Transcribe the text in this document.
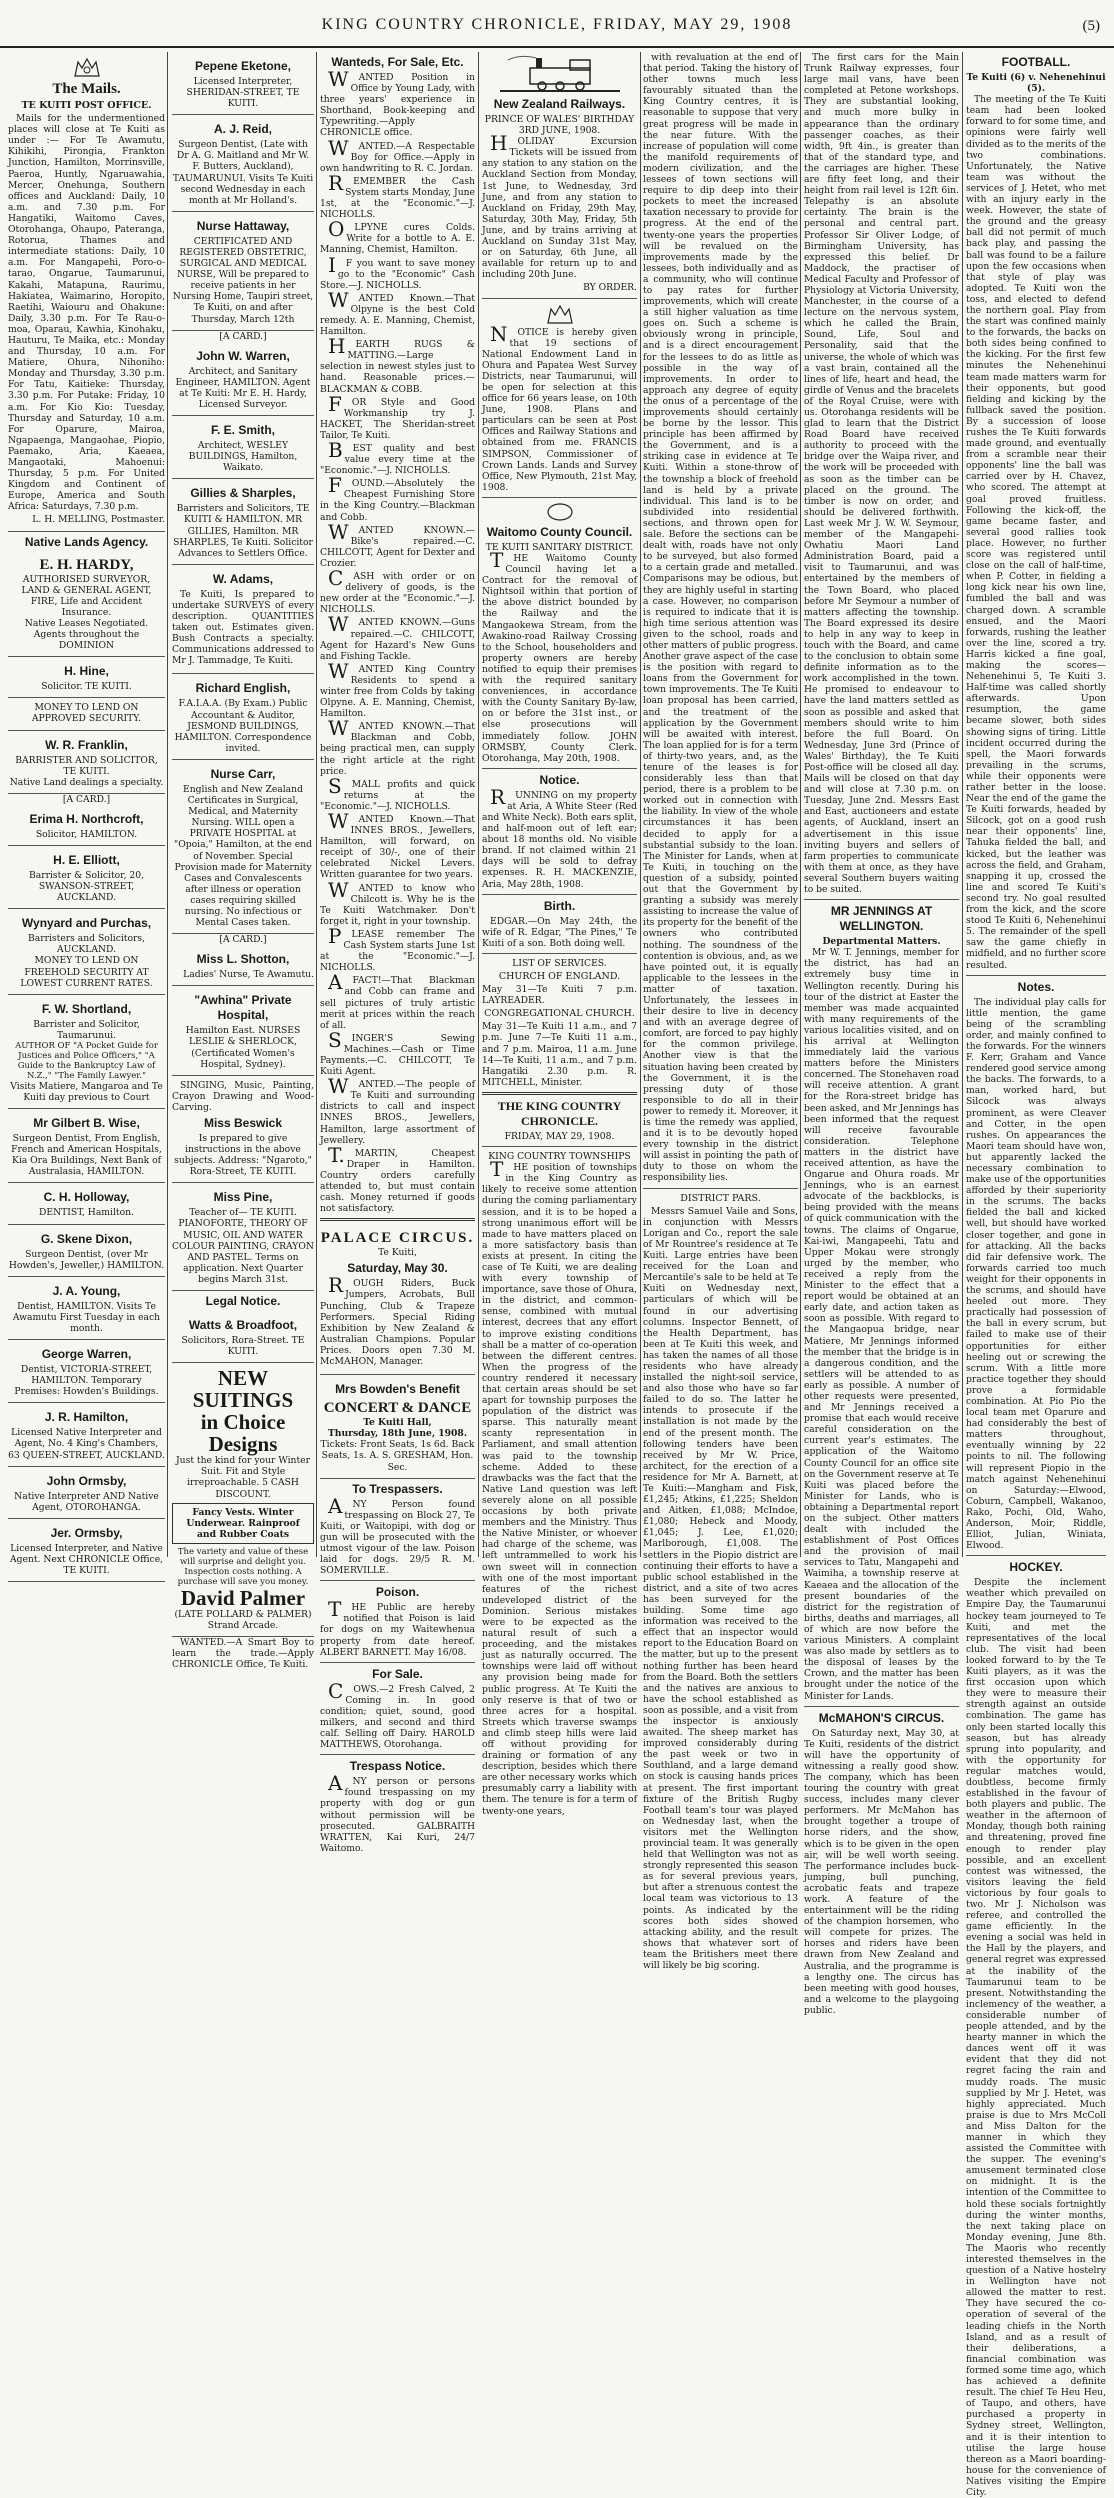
KING COUNTRY CHRONICLE, FRIDAY, MAY 29, 1908	(5)
The Mails.
TE KUITI POST OFFICE.

Mails for the undermentioned places will close at Te Kuiti as under :— For Te Awamutu, Kihikihi, Pirongia, Frankton Junction, Hamilton, Morrinsville, Paeroa, Huntly, Ngaruawahia, Mercer, Onehunga, Southern offices and Auckland: Daily, 10 a.m. and 7.30 p.m. For Hangatiki, Waitomo Caves, Otorohanga, Ohaupo, Pateranga, Rotorua, Thames and intermediate stations: Daily, 10 a.m. For Mangapehi, Poro-o-tarao, Ongarue, Taumarunui, Kakahi, Matapuna, Raurimu, Hakiatea, Waimarino, Horopito, Raetihi, Waiouru and Ohakune: Daily, 3.30 p.m. For Te Rau-o-moa, Oparau, Kawhia, Kinohaku, Hauturu, Te Maika, etc.: Monday and Thursday, 10 a.m. For Matiere, Ohura, Nihoniho: Monday and Thursday, 3.30 p.m. For Tatu, Kaitieke: Thursday, 3.30 p.m. For Putake: Friday, 10 a.m. For Kio Kio: Tuesday, Thursday and Saturday, 10 a.m. For Oparure, Mairoa, Ngapaenga, Mangaohae, Piopio, Paemako, Aria, Kaeaea, Mangaotaki, Mahoenui: Thursday, 5 p.m. For United Kingdom and Continent of Europe, America and South Africa: Saturdays, 7.30 p.m.

L. H. MELLING, Postmaster.
Native Lands Agency.
E. H. HARDY,
AUTHORISED SURVEYOR, LAND & GENERAL AGENT, FIRE, Life and Accident Insurance.
Native Leases Negotiated. Agents throughout the DOMINION
H. Hine,
Solicitor. TE KUITI.
MONEY TO LEND ON APPROVED SECURITY.
W. R. Franklin,
BARRISTER AND SOLICITOR, TE KUITI.
Native Land dealings a specialty.
[A CARD.]
Erima H. Northcroft,
Solicitor, HAMILTON.
H. E. Elliott,
Barrister & Solicitor, 20, SWANSON-STREET, AUCKLAND.
Wynyard and Purchas,
Barristers and Solicitors, AUCKLAND.
MONEY TO LEND ON FREEHOLD SECURITY AT LOWEST CURRENT RATES.
F. W. Shortland,
Barrister and Solicitor, Taumarunui.
AUTHOR OF "A Pocket Guide for Justices and Police Officers," "A Guide to the Bankruptcy Law of N.Z.," "The Family Lawyer."
Visits Matiere, Mangaroa and Te Kuiti day previous to Court
Mr Gilbert B. Wise,
Surgeon Dentist, From English, French and American Hospitals, Kia Ora Buildings, Next Bank of Australasia, HAMILTON.
C. H. Holloway,
DENTIST, Hamilton.
G. Skene Dixon,
Surgeon Dentist, (over Mr Howden's, Jeweller,) HAMILTON.
J. A. Young,
Dentist, HAMILTON. Visits Te Awamutu First Tuesday in each month.
George Warren,
Dentist, VICTORIA-STREET, HAMILTON. Temporary Premises: Howden's Buildings.
J. R. Hamilton,
Licensed Native Interpreter and Agent, No. 4 King's Chambers, 63 QUEEN-STREET, AUCKLAND.
John Ormsby,
Native Interpreter AND Native Agent, OTOROHANGA.
Jer. Ormsby,
Licensed Interpreter, and Native Agent. Next CHRONICLE Office, TE KUITI.
Pepene Eketone,
Licensed Interpreter, SHERIDAN-STREET, TE KUITI.
A. J. Reid,
Surgeon Dentist, (Late with Dr A. G. Maitland and Mr W. F. Butters, Auckland), TAUMARUNUI. Visits Te Kuiti second Wednesday in each month at Mr Holland's.
Nurse Hattaway,
CERTIFICATED AND REGISTERED OBSTETRIC, SURGICAL AND MEDICAL NURSE, Will be prepared to receive patients in her Nursing Home, Taupiri street, Te Kuiti, on and after Thursday, March 12th
[A CARD.]
John W. Warren,
Architect, and Sanitary Engineer, HAMILTON. Agent at Te Kuiti: Mr E. H. Hardy, Licensed Surveyor.
F. E. Smith,
Architect, WESLEY BUILDINGS, Hamilton, Waikato.
Gillies & Sharples,
Barristers and Solicitors, TE KUITI & HAMILTON. MR GILLIES, Hamilton. MR SHARPLES, Te Kuiti. Solicitor Advances to Settlers Office.
W. Adams,

Te Kuiti, Is prepared to undertake SURVEYS of every description. QUANTITIES taken out. Estimates given. Bush Contracts a specialty. Communications addressed to Mr J. Tammadge, Te Kuiti.

Richard English,
F.A.I.A.A. (By Exam.) Public Accountant & Auditor, JESMOND BUILDINGS, HAMILTON. Correspondence invited.
Nurse Carr,
English and New Zealand Certificates in Surgical, Medical, and Maternity Nursing. WILL open a PRIVATE HOSPITAL at "Opoia," Hamilton, at the end of November. Special Provision made for Maternity Cases and Convalescents after illness or operation cases requiring skilled nursing. No infectious or Mental Cases taken.
[A CARD.]
Miss L. Shotton,
Ladies' Nurse, Te Awamutu.
"Awhina" Private Hospital,
Hamilton East. NURSES LESLIE & SHERLOCK, (Certificated Women's Hospital, Sydney).

SINGING, Music, Painting, Crayon Drawing and Wood-Carving.

Miss Beswick
Is prepared to give instructions in the above subjects. Address: "Ngaroto," Rora-Street, TE KUITI.
Miss Pine,
Teacher of— TE KUITI. PIANOFORTE, THEORY OF MUSIC, OIL AND WATER COLOUR PAINTING, CRAYON AND PASTEL. Terms on application. Next Quarter begins March 31st.
Legal Notice.
Watts & Broadfoot,
Solicitors, Rora-Street. TE KUITI.
NEW SUITINGS
in Choice Designs
Just the kind for your Winter Suit. Fit and Style irreproachable. 5 CASH DISCOUNT.
Fancy Vests. Winter Underwear. Rainproof and Rubber Coats
The variety and value of these will surprise and delight you. Inspection costs nothing. A purchase will save you money.
David Palmer
(LATE POLLARD & PALMER) Strand Arcade.

WANTED.—A Smart Boy to learn the trade.—Apply CHRONICLE Office, Te Kuiti.

Wanteds, For Sale, Etc.

WANTED Position in Office by Young Lady, with three years' experience in Shorthand, Book-keeping and Typewriting.—Apply CHRONICLE office.

WANTED.—A Respectable Boy for Office.—Apply in own handwriting to R. C. Jordan.

REMEMBER the Cash System starts Monday, June 1st, at the "Economic."—J. NICHOLLS.

OLPYNE cures Colds. Write for a bottle to A. E. Manning, Chemist, Hamilton.

IF you want to save money go to the "Economic" Cash Store.—J. NICHOLLS.

WANTED Known.—That Olpyne is the best Cold remedy. A. E. Manning, Chemist, Hamilton.

HEARTH RUGS & MATTING.—Large selection in newest styles just to hand. Reasonable prices.—BLACKMAN & COBB.

FOR Style and Good Workmanship try J. HACKET, The Sheridan-street Tailor, Te Kuiti.

BEST quality and best value every time at the "Economic."—J. NICHOLLS.

FOUND.—Absolutely the Cheapest Furnishing Store in the King Country.—Blackman and Cobb.

WANTED KNOWN.—Bike's repaired.—C. CHILCOTT, Agent for Dexter and Crozier.

CASH with order or on delivery of goods, is the new order at the "Economic."—J. NICHOLLS.

WANTED KNOWN.—Guns repaired.—C. CHILCOTT, Agent for Hazard's New Guns and Fishing Tackle.

WANTED King Country Residents to spend a winter free from Colds by taking Olpyne. A. E. Manning, Chemist, Hamilton.

WANTED KNOWN.—That Blackman and Cobb, being practical men, can supply the right article at the right price.

SMALL profits and quick returns at the "Economic."—J. NICHOLLS.

WANTED Known.—That INNES BROS., Jewellers, Hamilton, will forward, on receipt of 30/-, one of their celebrated Nickel Levers. Written guarantee for two years.

WANTED to know who Chilcott is. Why he is the Te Kuiti Watchmaker. Don't forget it, right in your township.

PLEASE remember The Cash System starts June 1st at the "Economic."—J. NICHOLLS.

AFACT!—That Blackman and Cobb can frame and sell pictures of truly artistic merit at prices within the reach of all.

SINGER'S Sewing Machines.—Cash or Time Payments.—C. CHILCOTT, Te Kuiti Agent.

WANTED.—The people of Te Kuiti and surrounding districts to call and inspect INNES BROS., Jewellers, Hamilton, large assortment of Jewellery.

T.MARTIN, Cheapest Draper in Hamilton. Country orders carefully attended to, but must contain cash. Money returned if goods not satisfactory.

PALACE CIRCUS.
Te Kuiti,
Saturday, May 30.

ROUGH Riders, Buck Jumpers, Acrobats, Bull Punching, Club & Trapeze Performers. Special Riding Exhibition by New Zealand & Australian Champions. Popular Prices. Doors open 7.30 M. McMAHON, Manager.

Mrs Bowden's Benefit
CONCERT & DANCE
Te Kuiti Hall,
Thursday, 18th June, 1908.
Tickets: Front Seats, 1s 6d. Back Seats, 1s. A. S. GRESHAM, Hon. Sec.
To Trespassers.

ANY Person found trespassing on Block 27, Te Kuiti, or Waitopipi, with dog or gun will be prosecuted with the utmost vigour of the law. Poison laid for dogs. 29/5 R. M. SOMERVILLE.

Poison.

THE Public are hereby notified that Poison is laid for dogs on my Waitewhenua property from date hereof. ALBERT BARNETT. May 16/08.

For Sale.

COWS.—2 Fresh Calved, 2 Coming in. In good condition; quiet, sound, good milkers, and second and third calf. Selling off Dairy. HAROLD MATTHEWS, Otorohanga.

Trespass Notice.

ANY person or persons found trespassing on my property with dog or gun without permission will be prosecuted. GALBRAITH WRATTEN, Kai Kuri, 24/7 Waitomo.

New Zealand Railways.
PRINCE OF WALES' BIRTHDAY 3RD JUNE, 1908.

HOLIDAY Excursion Tickets will be issued from any station to any station on the Auckland Section from Monday, 1st June, to Wednesday, 3rd June, and from any station to Auckland on Friday, 29th May, Saturday, 30th May, Friday, 5th June, and by trains arriving at Auckland on Sunday 31st May, or on Saturday, 6th June, all available for return up to and including 20th June.

BY ORDER.

NOTICE is hereby given that 19 sections of National Endowment Land in Ohura and Papatea West Survey Districts, near Taumarunui, will be open for selection at this office for 66 years lease, on 10th June, 1908. Plans and particulars can be seen at Post Offices and Railway Stations and obtained from me. FRANCIS SIMPSON, Commissioner of Crown Lands. Lands and Survey Office, New Plymouth, 21st May, 1908.

Waitomo County Council.
TE KUITI SANITARY DISTRICT.

THE Waitomo County Council having let a Contract for the removal of Nightsoil within that portion of the above district bounded by the Railway and the Mangaokewa Stream, from the Awakino-road Railway Crossing to the School, householders and property owners are hereby notified to equip their premises with the required sanitary conveniences, in accordance with the County Sanitary By-law, on or before the 31st inst., or else prosecutions will immediately follow. JOHN ORMSBY, County Clerk. Otorohanga, May 20th, 1908.

Notice.

RUNNING on my property at Aria, A White Steer (Red and White Neck). Both ears split, and half-moon out of left ear; about 18 months old. No visible brand. If not claimed within 21 days will be sold to defray expenses. R. H. MACKENZIE, Aria, May 28th, 1908.

Birth.

EDGAR.—On May 24th, the wife of R. Edgar, "The Pines," Te Kuiti of a son. Both doing well.

LIST OF SERVICES.
CHURCH OF ENGLAND.
May 31—Te Kuiti 7 p.m. LAYREADER.
CONGREGATIONAL CHURCH.
May 31—Te Kuiti 11 a.m., and 7 p.m. June 7—Te Kuiti 11 a.m., and 7 p.m. Mairoa, 11 a.m. June 14—Te Kuiti, 11 a.m., and 7 p.m. Hangatiki 2.30 p.m. R. MITCHELL, Minister.
THE KING COUNTRY CHRONICLE.
FRIDAY, MAY 29, 1908.
KING COUNTRY TOWNSHIPS

THE position of townships in the King Country as likely to receive some attention during the coming parliamentary session, and it is to be hoped a strong unanimous effort will be made to have matters placed on a more satisfactory basis than exists at present. In citing the case of Te Kuiti, we are dealing with every township of importance, save those of Ohura, in the district, and common-sense, combined with mutual interest, decrees that any effort to improve existing conditions shall be a matter of co-operation between the different centres. When the progress of the country rendered it necessary that certain areas should be set apart for township purposes the population of the district was sparse. This naturally meant scanty representation in Parliament, and small attention was paid to the township scheme. Added to these drawbacks was the fact that the Native Land question was left severely alone on all possible occasions by both private members and the Ministry. Thus the Native Minister, or whoever had charge of the scheme, was left untrammelled to work his own sweet will in connection with one of the most important features of the richest undeveloped district of the Dominion. Serious mistakes were to be expected as the natural result of such a proceeding, and the mistakes just as naturally occurred. The townships were laid off without any provision being made for public progress. At Te Kuiti the only reserve is that of two or three acres for a hospital. Streets which traverse swamps and climb steep hills were laid off without providing for draining or formation of any description, besides which there are other necessary works which presumably carry a liability with them. The tenure is for a term of twenty-one years,

with revaluation at the end of that period. Taking the history of other towns much less favourably situated than the King Country centres, it is reasonable to suppose that very great progress will be made in the near future. With the increase of population will come the manifold requirements of modern civilization, and the lessees of town sections will require to dip deep into their pockets to meet the increased taxation necessary to provide for progress. At the end of the twenty-one years the properties will be revalued on the improvements made by the lessees, both individually and as a community, who will continue to pay rates for further improvements, which will create a still higher valuation as time goes on. Such a scheme is obviously wrong in principle, and is a direct encouragement for the lessees to do as little as possible in the way of improvements. In order to approach any degree of equity the onus of a percentage of the improvements should certainly be borne by the lessor. This principle has been affirmed by the Government, and is a striking case in evidence at Te Kuiti. Within a stone-throw of the township a block of freehold land is held by a private individual. This land is to be subdivided into residential sections, and thrown open for sale. Before the sections can be dealt with, roads have not only to be surveyed, but also formed to a certain grade and metalled. Comparisons may be odious, but they are highly useful in starting a case. However, no comparison is required to indicate that it is high time serious attention was given to the school, roads and other matters of public progress. Another grave aspect of the case is the position with regard to loans from the Government for town improvements. The Te Kuiti loan proposal has been carried, and the treatment of the application by the Government will be awaited with interest. The loan applied for is for a term of thirty-two years, and, as the tenure of the leases is for considerably less than that period, there is a problem to be worked out in connection with the liability. In view of the whole circumstances it has been decided to apply for a substantial subsidy to the loan. The Minister for Lands, when at Te Kuiti, in touching on the question of a subsidy, pointed out that the Government by granting a subsidy was merely assisting to increase the value of its property for the benefit of the owners who contributed nothing. The soundness of the contention is obvious, and, as we have pointed out, it is equally applicable to the lessees in the matter of taxation. Unfortunately, the lessees in their desire to live in decency and with an average degree of comfort, are forced to pay highly for the common privilege. Another view is that the situation having been created by the Government, it is the pressing duty of those responsible to do all in their power to remedy it. Moreover, it is time the remedy was applied, and it is to be devoutly hoped every township in the district will assist in pointing the path of duty to those on whom the responsibility lies.

DISTRICT PARS.

Messrs Samuel Vaile and Sons, in conjunction with Messrs Lorigan and Co., report the sale of Mr Rountree's residence at Te Kuiti. Large entries have been received for the Loan and Mercantile's sale to be held at Te Kuiti on Wednesday next, particulars of which will be found in our advertising columns. Inspector Bennett, of the Health Department, has been at Te Kuiti this week, and has taken the names of all those residents who have already installed the night-soil service, and also those who have so far failed to do so. The latter he intends to prosecute if the installation is not made by the end of the present month. The following tenders have been received by Mr W. Price, architect, for the erection of a residence for Mr A. Barnett, at Te Kuiti:—Mangham and Fisk, £1,245; Atkins, £1,225; Sheldon and Aitken, £1,088; McIndoe, £1,080; Hebeck and Moody, £1,045; J. Lee, £1,020; Marlborough, £1,008. The settlers in the Piopio district are continuing their efforts to have a public school established in the district, and a site of two acres has been surveyed for the building. Some time ago information was received to the effect that an inspector would report to the Education Board on the matter, but up to the present nothing further has been heard from the Board. Both the settlers and the natives are anxious to have the school established as soon as possible, and a visit from the inspector is anxiously awaited. The sheep market has improved considerably during the past week or two in Southland, and a large demand on stock is causing hands prices at present. The first important fixture of the British Rugby Football team's tour was played on Wednesday last, when the visitors met the Wellington provincial team. It was generally held that Wellington was not as strongly represented this season as for several previous years, but after a strenuous contest the local team was victorious to 13 points. As indicated by the scores both sides showed attacking ability, and the result shows that whatever sort of team the Britishers meet there will likely be big scoring.

The first cars for the Main Trunk Railway expresses, four large mail vans, have been completed at Petone workshops. They are substantial looking, and much more bulky in appearance than the ordinary passenger coaches, as their width, 9ft 4in., is greater than that of the standard type, and the carriages are higher. These are fifty feet long, and their height from rail level is 12ft 6in. Telepathy is an absolute certainty. The brain is the personal and central part. Professor Sir Oliver Lodge, of Birmingham University, has expressed this belief. Dr Maddock, the practiser of Medical Faculty and Professor of Physiology at Victoria University, Manchester, in the course of a lecture on the nervous system, which he called the Brain, Sound, Life, Soul and Personality, said that the universe, the whole of which was a vast brain, contained all the lines of life, heart and head, the girdle of Venus and the bracelets of the Royal Cruise, were with us. Otorohanga residents will be glad to learn that the District Road Board have received authority to proceed with the bridge over the Waipa river, and the work will be proceeded with as soon as the timber can be placed on the ground. The timber is now on order, and should be delivered forthwith. Last week Mr J. W. W. Seymour, member of the Mangapehi-Owhatiu Maori Land Administration Board, paid a visit to Taumarunui, and was entertained by the members of the Town Board, who placed before Mr Seymour a number of matters affecting the township. The Board expressed its desire to help in any way to keep in touch with the Board, and came to the conclusion to obtain some definite information as to the work accomplished in the town. He promised to endeavour to have the land matters settled as soon as possible and asked that members should write to him before the full Board. On Wednesday, June 3rd (Prince of Wales' Birthday), the Te Kuiti Post-office will be closed all day. Mails will be closed on that day and will close at 7.30 p.m. on Tuesday, June 2nd. Messrs East and East, auctioneers and estate agents, of Auckland, insert an advertisement in this issue inviting buyers and sellers of farm properties to communicate with them at once, as they have several Southern buyers waiting to be suited.

MR JENNINGS AT WELLINGTON.
Departmental Matters.

Mr W. T. Jennings, member for the district, has had an extremely busy time in Wellington recently. During his tour of the district at Easter the member was made acquainted with many requirements of the various localities visited, and on his arrival at Wellington immediately laid the various matters before the Ministers concerned. The Stonehaven road will receive attention. A grant for the Rora-street bridge has been asked, and Mr Jennings has been informed that the request will receive favourable consideration. Telephone matters in the district have received attention, as have the Ongarue and Ohura roads. Mr Jennings, who is an earnest advocate of the backblocks, is being provided with the means of quick communication with the towns. The claims of Ongarue, Kai-iwi, Mangapeehi, Tatu and Upper Mokau were strongly urged by the member, who received a reply from the Minister to the effect that a report would be obtained at an early date, and action taken as soon as possible. With regard to the Mangaopua bridge, near Matiere, Mr Jennings informed the member that the bridge is in a dangerous condition, and the settlers will be attended to as early as possible. A number of other requests were presented, and Mr Jennings received a promise that each would receive careful consideration on the current year's estimates. The application of the Waitomo County Council for an office site on the Government reserve at Te Kuiti was placed before the Minister for Lands, who is obtaining a Departmental report on the subject. Other matters dealt with included the establishment of Post Offices and the provision of mail services to Tatu, Mangapehi and Waimiha, a township reserve at Kaeaea and the allocation of the present boundaries of the district for the registration of births, deaths and marriages, all of which are now before the various Ministers. A complaint was also made by settlers as to the disposal of leases by the Crown, and the matter has been brought under the notice of the Minister for Lands.

McMAHON'S CIRCUS.

On Saturday next, May 30, at Te Kuiti, residents of the district will have the opportunity of witnessing a really good show. The company, which has been touring the country with great success, includes many clever performers. Mr McMahon has brought together a troupe of horse riders, and the show, which is to be given in the open air, will be well worth seeing. The performance includes buck-jumping, bull punching, acrobatic feats and trapeze work. A feature of the entertainment will be the riding of the champion horsemen, who will compete for prizes. The horses and riders have been drawn from New Zealand and Australia, and the programme is a lengthy one. The circus has been meeting with good houses, and a welcome to the playgoing public.

FOOTBALL.
Te Kuiti (6) v. Nehenehinui (5).

The meeting of the Te Kuiti team had been looked forward to for some time, and opinions were fairly well divided as to the merits of the two combinations. Unfortunately, the Native team was without the services of J. Hetet, who met with an injury early in the week. However, the state of the ground and the greasy ball did not permit of much back play, and passing the ball was found to be a failure upon the few occasions when that style of play was adopted. Te Kuiti won the toss, and elected to defend the northern goal. Play from the start was confined mainly to the forwards, the backs on both sides being confined to the kicking. For the first few minutes the Nehenehinui team made matters warm for their opponents, but good fielding and kicking by the fullback saved the position. By a succession of loose rushes the Te Kuiti forwards made ground, and eventually from a scramble near their opponents' line the ball was carried over by H. Chavez, who scored. The attempt at goal proved fruitless. Following the kick-off, the game became faster, and several good rallies took place. However, no further score was registered until close on the call of half-time, when P. Cotter, in fielding a long kick near his own line, fumbled the ball and was charged down. A scramble ensued, and the Maori forwards, rushing the leather over the line, scored a try. Harris kicked a fine goal, making the scores—Nehenehinui 5, Te Kuiti 3. Half-time was called shortly afterwards. Upon resumption, the game became slower, both sides showing signs of tiring. Little incident occurred during the spell, the Maori forwards prevailing in the scrums, while their opponents were rather better in the loose. Near the end of the game the Te Kuiti forwards, headed by Silcock, got on a good rush near their opponents' line, Tahuka fielded the ball, and kicked, but the leather was across the field, and Graham, snapping it up, crossed the line and scored Te Kuiti's second try. No goal resulted from the kick, and the score stood Te Kuiti 6, Nehenehinui 5. The remainder of the spell saw the game chiefly in midfield, and no further score resulted.

Notes.

The individual play calls for little mention, the game being of the scrambling order, and mainly confined to the forwards. For the winners F. Kerr, Graham and Vance rendered good service among the backs. The forwards, to a man, worked hard, but Silcock was always prominent, as were Cleaver and Cotter, in the open rushes. On appearances the Maori team should have won, but apparently lacked the necessary combination to make use of the opportunities afforded by their superiority in the scrums. The backs fielded the ball and kicked well, but should have worked closer together, and gone in for attacking. All the backs did fair defensive work. The forwards carried too much weight for their opponents in the scrums, and should have heeled out more. They practically had possession of the ball in every scrum, but failed to make use of their opportunities for either heeling out or screwing the scrum. With a little more practice together they should prove a formidable combination. At Pio Pio the local team met Oparure and had considerably the best of matters throughout, eventually winning by 22 points to nil. The following will represent Piopio in the match against Nehenehinui on Saturday:—Elwood, Coburn, Campbell, Wakanoo, Rako, Pochi, Old, Waho, Anderson, Moir, Riddle, Elliot, Julian, Winiata, Elwood.

HOCKEY.

Despite the inclement weather which prevailed on Empire Day, the Taumarunui hockey team journeyed to Te Kuiti, and met the representatives of the local club. The visit had been looked forward to by the Te Kuiti players, as it was the first occasion upon which they were to measure their strength against an outside combination. The game has only been started locally this season, but has already sprung into popularity, and with the opportunity for regular matches would, doubtless, become firmly established in the favour of both players and public. The weather in the afternoon of Monday, though both raining and threatening, proved fine enough to render play possible, and an excellent contest was witnessed, the visitors leaving the field victorious by four goals to two. Mr J. Nicholson was referee, and controlled the game efficiently. In the evening a social was held in the Hall by the players, and general regret was expressed at the inability of the Taumarunui team to be present. Notwithstanding the inclemency of the weather, a considerable number of people attended, and by the hearty manner in which the dances went off it was evident that they did not regret facing the rain and muddy roads. The music supplied by Mr J. Hetet, was highly appreciated. Much praise is due to Mrs McColl and Miss Dalton for the manner in which they assisted the Committee with the supper. The evening's amusement terminated close on midnight. It is the intention of the Committee to hold these socials fortnightly during the winter months, the next taking place on Monday evening, June 8th. The Maoris who recently interested themselves in the question of a Native hostelry in Wellington have not allowed the matter to rest. They have secured the co-operation of several of the leading chiefs in the North Island, and as a result of their deliberations, a financial combination was formed some time ago, which has achieved a definite result. The chief Te Heu Heu, of Taupo, and others, have purchased a property in Sydney street, Wellington, and it is their intention to utilise the large house thereon as a Maori boarding-house for the convenience of Natives visiting the Empire City.
